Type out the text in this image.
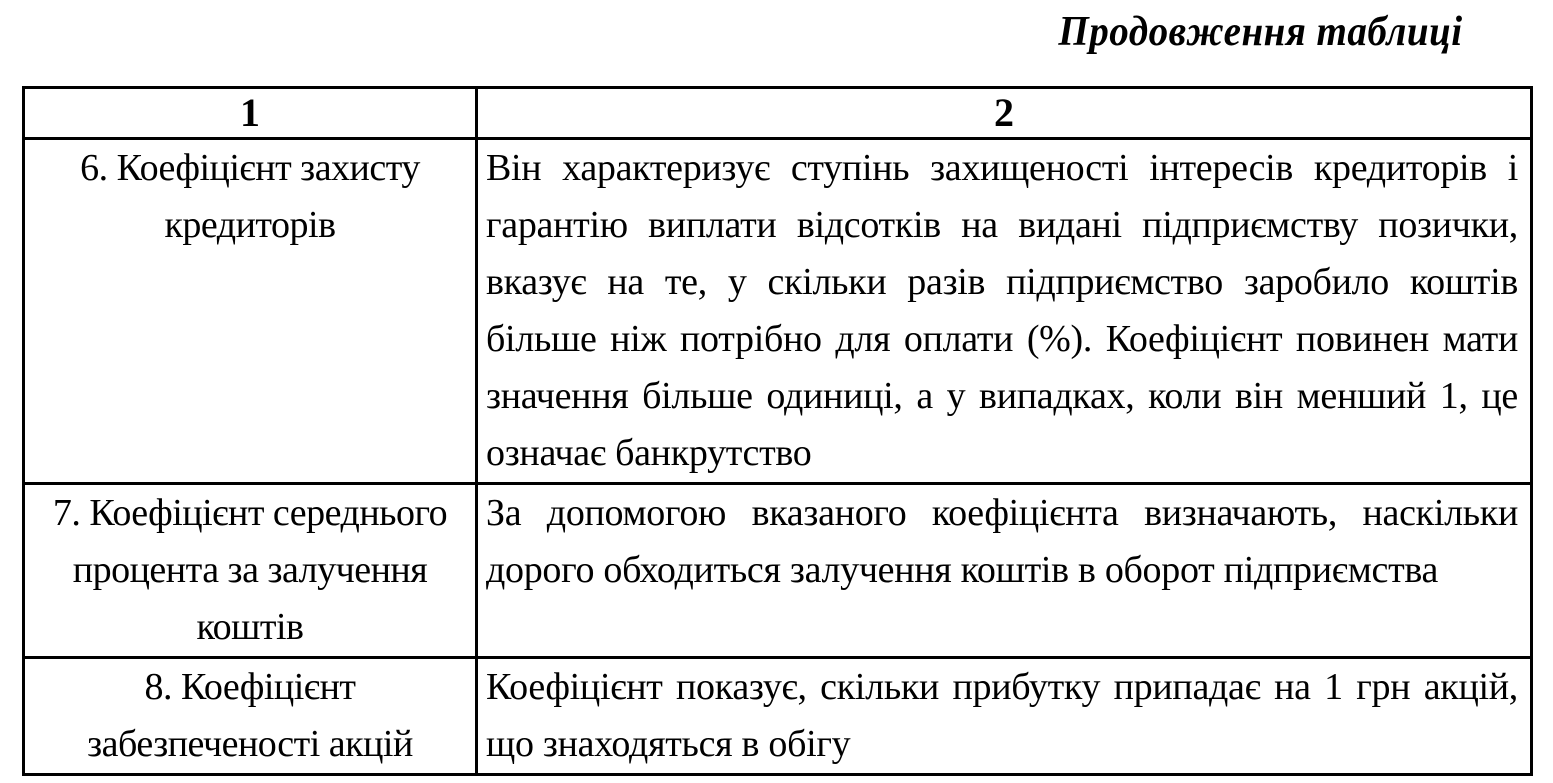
Продовження таблиці
1	2

6. Коефіцієнт захисту кредиторів	Він характеризує ступінь захищеності інтересів кредиторів і гарантію виплати відсотків на видані підприємству позички, вказує на те, у скільки разів підприємство заробило коштів більше ніж потрібно для оплати (%). Коефіцієнт повинен мати значення більше одиниці, а у випадках, коли він менший 1, це означає банкрутство

7. Коефіцієнт середнього процента за залучення коштів	За допомогою вказаного коефіцієнта визначають, наскільки дорого обходиться залучення коштів в оборот підприємства

8. Коефіцієнт забезпеченості акцій	Коефіцієнт показує, скільки прибутку припадає на 1 грн акцій, що знаходяться в обігу
